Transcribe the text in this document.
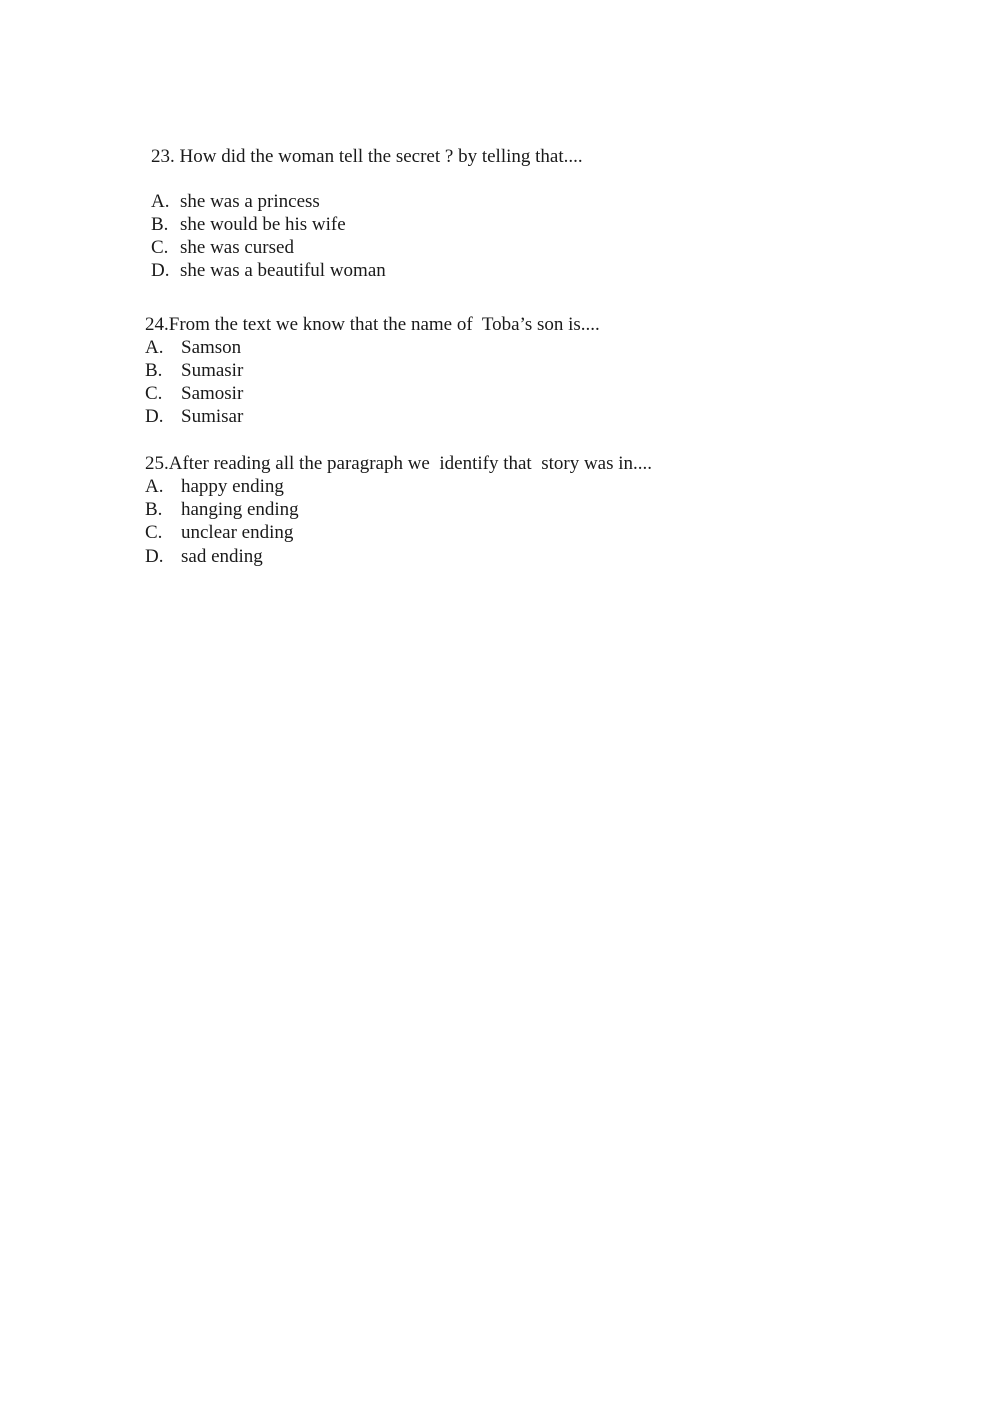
23. How did the woman tell the secret ? by telling that....

A.

she was a princess

B.

she would be his wife

C.

she was cursed

D.

she was a beautiful woman

24.From the text we know that the name of  Toba’s son is....

A.

Samson

B.

Sumasir

C.

Samosir

D.

Sumisar

25.After reading all the paragraph we  identify that  story was in....

A.

happy ending

B.

hanging ending

C.

unclear ending

D.

sad ending
